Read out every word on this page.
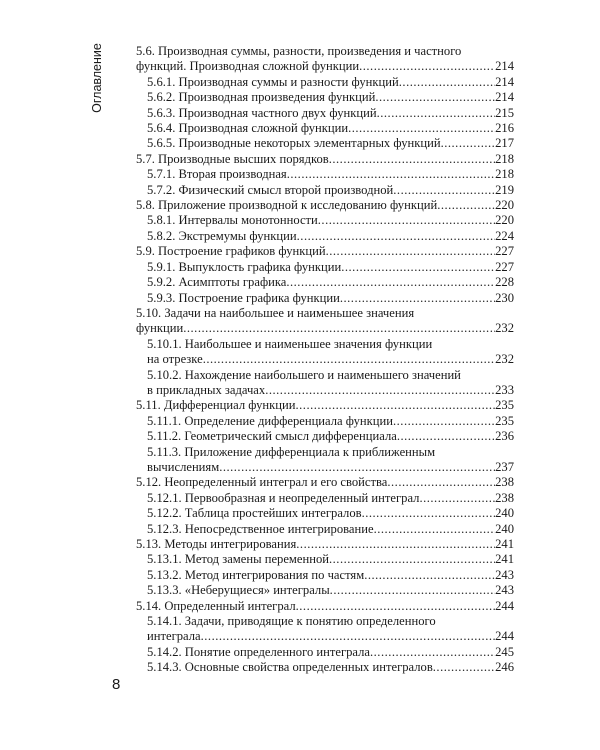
Оглавление	5.6. Производная суммы, разности, произведения и частного
функций. Производная сложной функции .....	214
5.6.1. Производная суммы и разности функций .....	214
5.6.2. Производная произведения функций .....	214
5.6.3. Производная частного двух функций .....	215
5.6.4. Производная сложной функции .....	216
5.6.5. Производные некоторых элементарных функций .....	217
5.7. Производные высших порядков .....	218
5.7.1. Вторая производная .....	218
5.7.2. Физический смысл второй производной .....	219
5.8. Приложение производной к исследованию функций .....	220
5.8.1. Интервалы монотонности .....	220
5.8.2. Экстремумы функции .....	224
5.9. Построение графиков функций .....	227
5.9.1. Выпуклость графика функции .....	227
5.9.2. Асимптоты графика .....	228
5.9.3. Построение графика функции .....	230
5.10. Задачи на наибольшее и наименьшее значения
функции .....	232
5.10.1. Наибольшее и наименьшее значения функции
на отрезке .....	232
5.10.2. Нахождение наибольшего и наименьшего значений
в прикладных задачах .....	233
5.11. Дифференциал функции .....	235
5.11.1. Определение дифференциала функции .....	235
5.11.2. Геометрический смысл дифференциала .....	236
5.11.3. Приложение дифференциала к приближенным
вычислениям .....	237
5.12. Неопределенный интеграл и его свойства .....	238
5.12.1. Первообразная и неопределенный интеграл .....	238
5.12.2. Таблица простейших интегралов .....	240
5.12.3. Непосредственное интегрирование .....	240
5.13. Методы интегрирования .....	241
5.13.1. Метод замены переменной .....	241
5.13.2. Метод интегрирования по частям .....	243
5.13.3. «Неберущиеся» интегралы .....	243
5.14. Определенный интеграл .....	244
5.14.1. Задачи, приводящие к понятию определенного
интеграла .....	244
5.14.2. Понятие определенного интеграла .....	245
5.14.3. Основные свойства определенных интегралов .....	246
8
